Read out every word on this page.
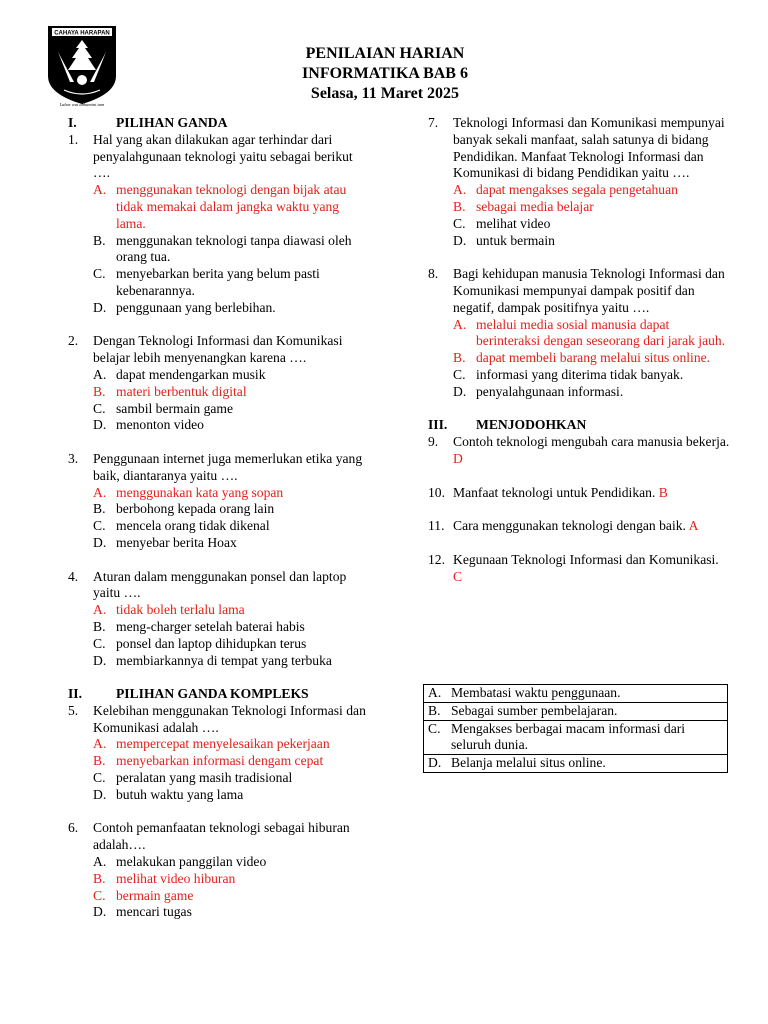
CAHAYA HARAPAN
Lahar wat abhamini tam
PENILAIAN HARIAN
INFORMATIKA BAB 6
Selasa, 11 Maret 2025
I.	PILIHAN GANDA
1.	Hal yang akan dilakukan agar terhindar dari penyalahgunaan teknologi yaitu sebagai berikut ….
A. menggunakan teknologi dengan bijak atau tidak memakai dalam jangka waktu yang lama.
B. menggunakan teknologi tanpa diawasi oleh orang tua.
C. menyebarkan berita yang belum pasti kebenarannya.
D. penggunaan yang berlebihan.
2.	Dengan Teknologi Informasi dan Komunikasi belajar lebih menyenangkan karena ….
A. dapat mendengarkan musik
B. materi berbentuk digital
C. sambil bermain game
D. menonton video
3.	Penggunaan internet juga memerlukan etika yang baik, diantaranya yaitu ….
A. menggunakan kata yang sopan
B. berbohong kepada orang lain
C. mencela orang tidak dikenal
D. menyebar berita Hoax
4.	Aturan dalam menggunakan ponsel dan laptop yaitu ….
A. tidak boleh terlalu lama
B. meng-charger setelah baterai habis
C. ponsel dan laptop dihidupkan terus
D. membiarkannya di tempat yang terbuka
II.	PILIHAN GANDA KOMPLEKS
5.	Kelebihan menggunakan Teknologi Informasi dan Komunikasi adalah ….
A. mempercepat menyelesaikan pekerjaan
B. menyebarkan informasi dengam cepat
C. peralatan yang masih tradisional
D. butuh waktu yang lama
6.	Contoh pemanfaatan teknologi sebagai hiburan adalah….
A. melakukan panggilan video
B. melihat video hiburan
C. bermain game
D. mencari tugas
7.	Teknologi Informasi dan Komunikasi mempunyai banyak sekali manfaat, salah satunya di bidang Pendidikan. Manfaat Teknologi Informasi dan Komunikasi di bidang Pendidikan yaitu ….
A. dapat mengakses segala pengetahuan
B. sebagai media belajar
C. melihat video
D. untuk bermain
8.	Bagi kehidupan manusia Teknologi Informasi dan Komunikasi mempunyai dampak positif dan negatif, dampak positifnya yaitu ….
A. melalui media sosial manusia dapat berinteraksi dengan seseorang dari jarak jauh.
B. dapat membeli barang melalui situs online.
C. informasi yang diterima tidak banyak.
D. penyalahgunaan informasi.
III.	MENJODOHKAN
9.	Contoh teknologi mengubah cara manusia bekerja. D
10. Manfaat teknologi untuk Pendidikan. B
11. Cara menggunakan teknologi dengan baik. A
12. Kegunaan Teknologi Informasi dan Komunikasi. C
A. Membatasi waktu penggunaan.

B. Sebagai sumber pembelajaran.

C. Mengakses berbagai macam informasi dari seluruh dunia.

D. Belanja melalui situs online.
